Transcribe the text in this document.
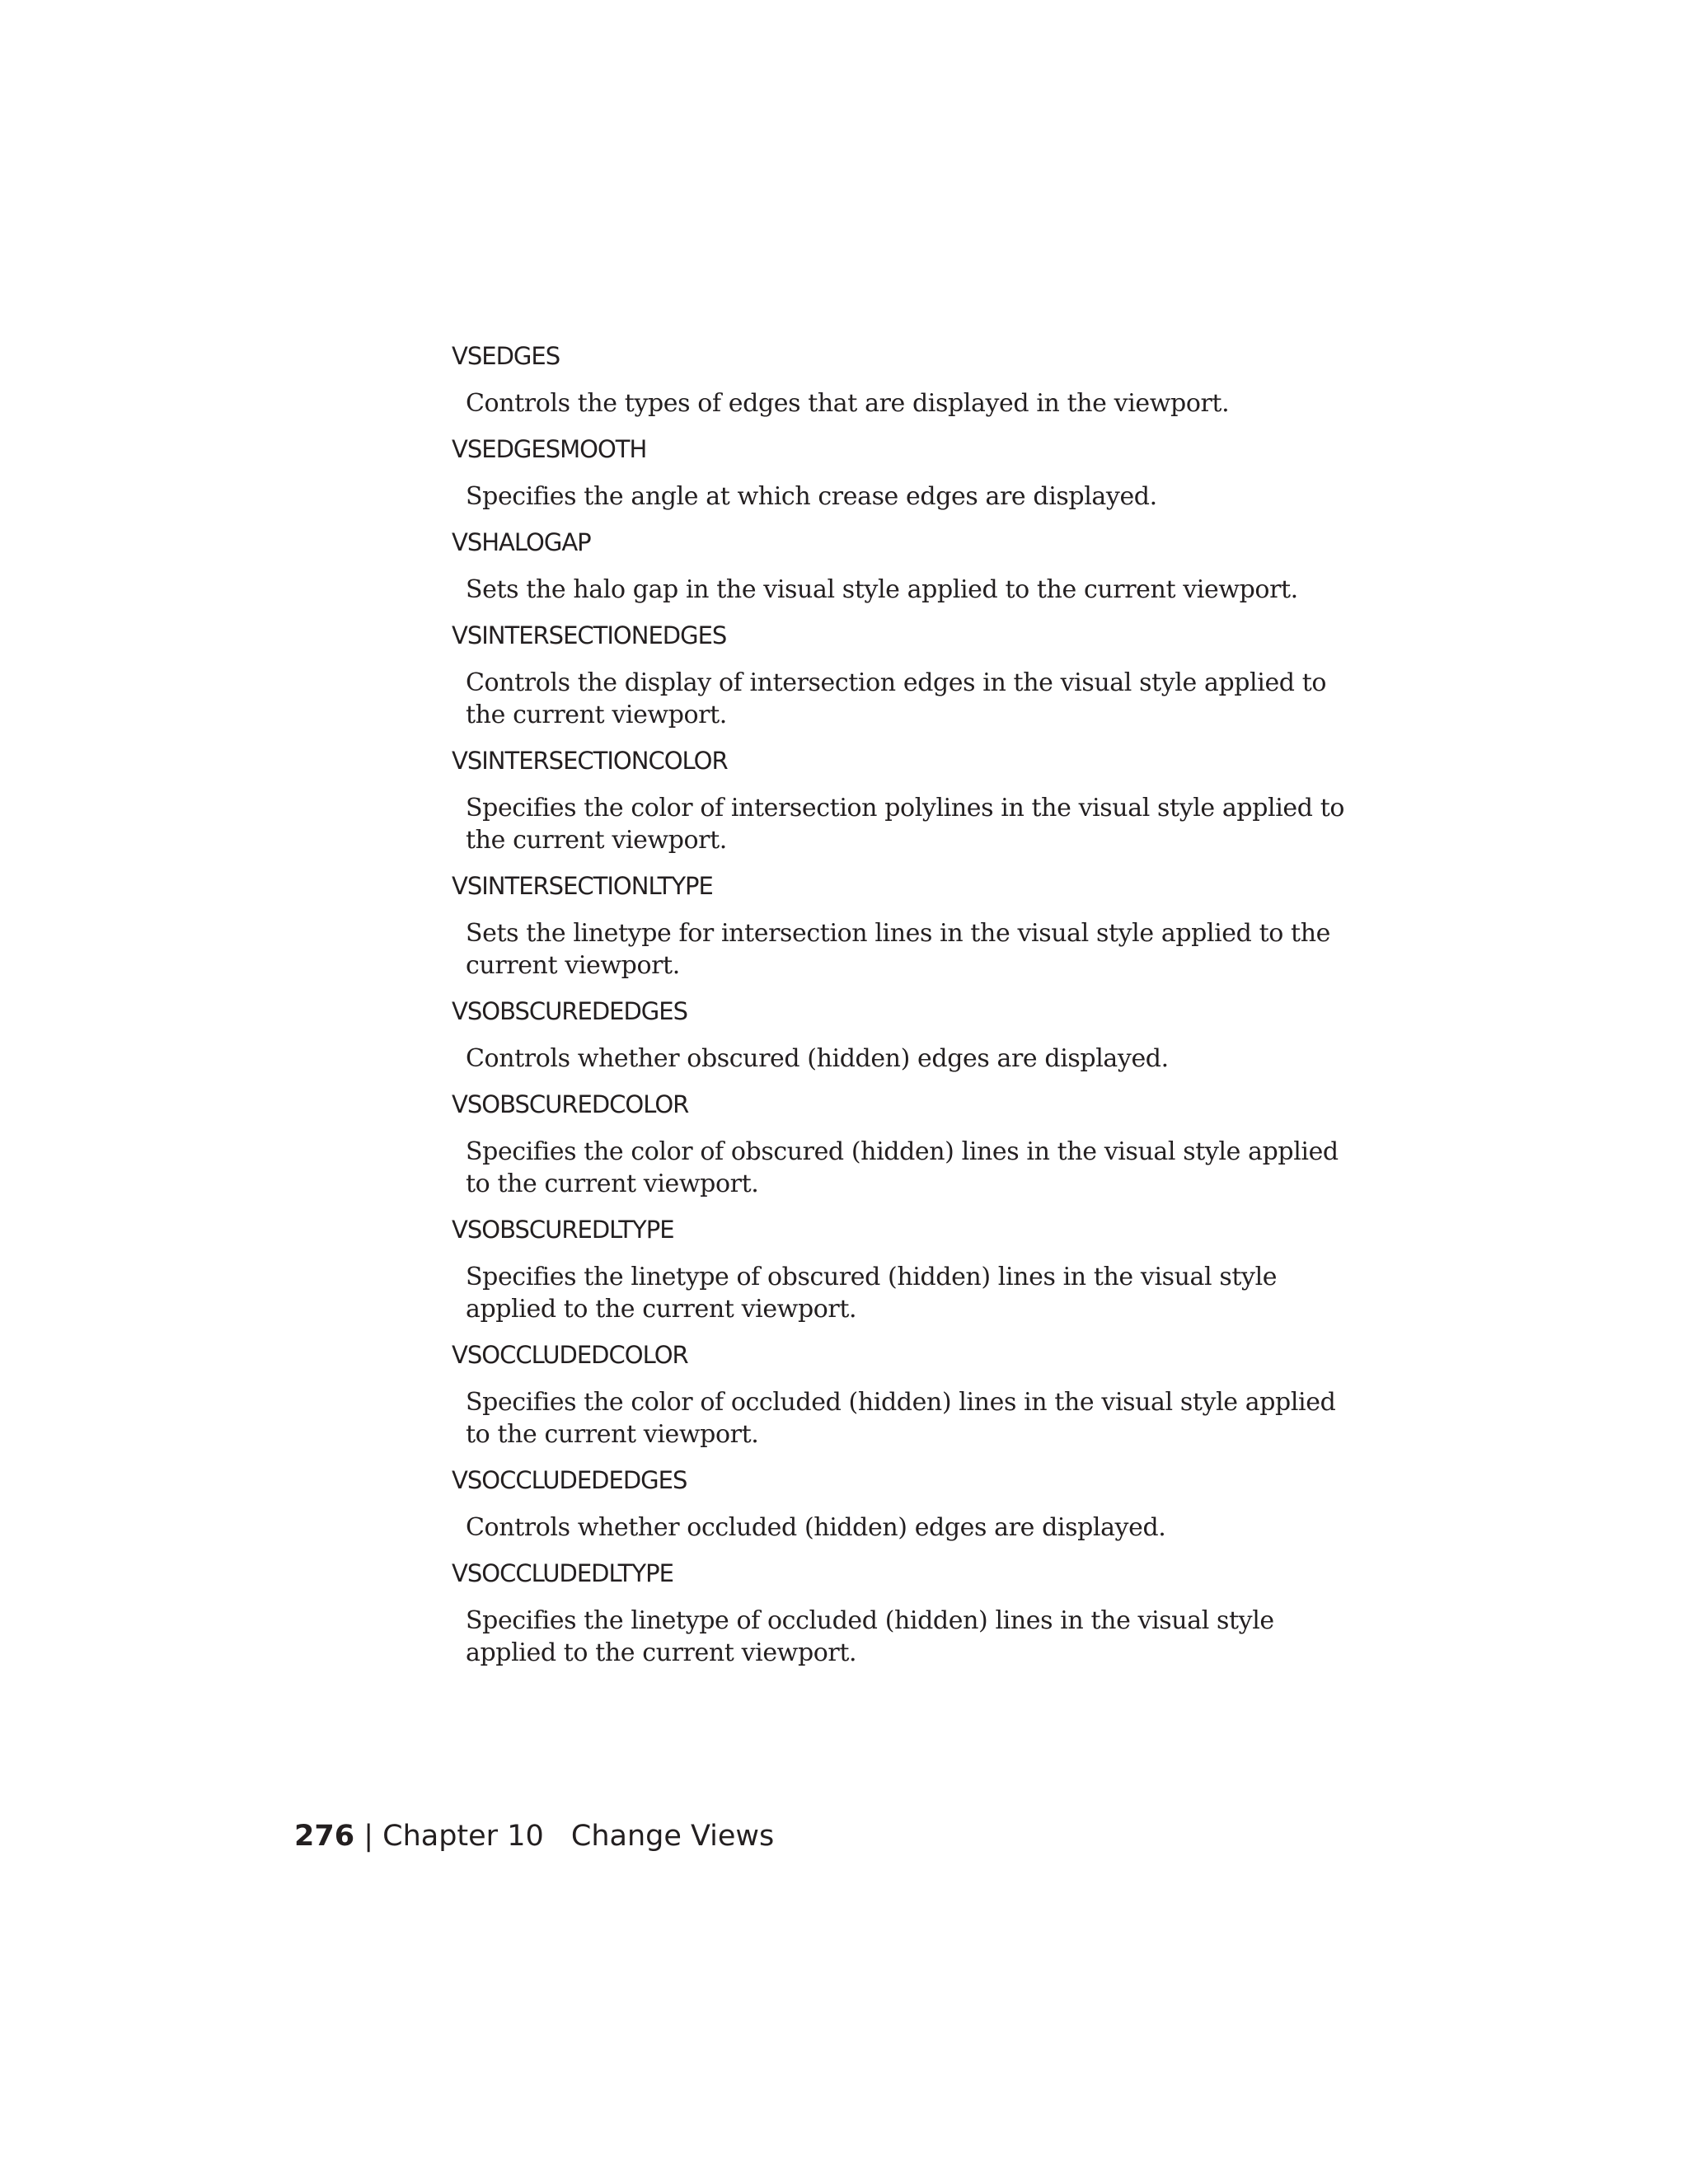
VSEDGES

Controls the types of edges that are displayed in the viewport.

VSEDGESMOOTH

Specifies the angle at which crease edges are displayed.

VSHALOGAP

Sets the halo gap in the visual style applied to the current viewport.

VSINTERSECTIONEDGES

Controls the display of intersection edges in the visual style applied to the current viewport.

VSINTERSECTIONCOLOR

Specifies the color of intersection polylines in the visual style applied to the current viewport.

VSINTERSECTIONLTYPE

Sets the linetype for intersection lines in the visual style applied to the current viewport.

VSOBSCUREDEDGES

Controls whether obscured (hidden) edges are displayed.

VSOBSCUREDCOLOR

Specifies the color of obscured (hidden) lines in the visual style applied to the current viewport.

VSOBSCUREDLTYPE

Specifies the linetype of obscured (hidden) lines in the visual style applied to the current viewport.

VSOCCLUDEDCOLOR

Specifies the color of occluded (hidden) lines in the visual style applied to the current viewport.

VSOCCLUDEDEDGES

Controls whether occluded (hidden) edges are displayed.

VSOCCLUDEDLTYPE

Specifies the linetype of occluded (hidden) lines in the visual style applied to the current viewport.

276 | Chapter 10 Change Views
